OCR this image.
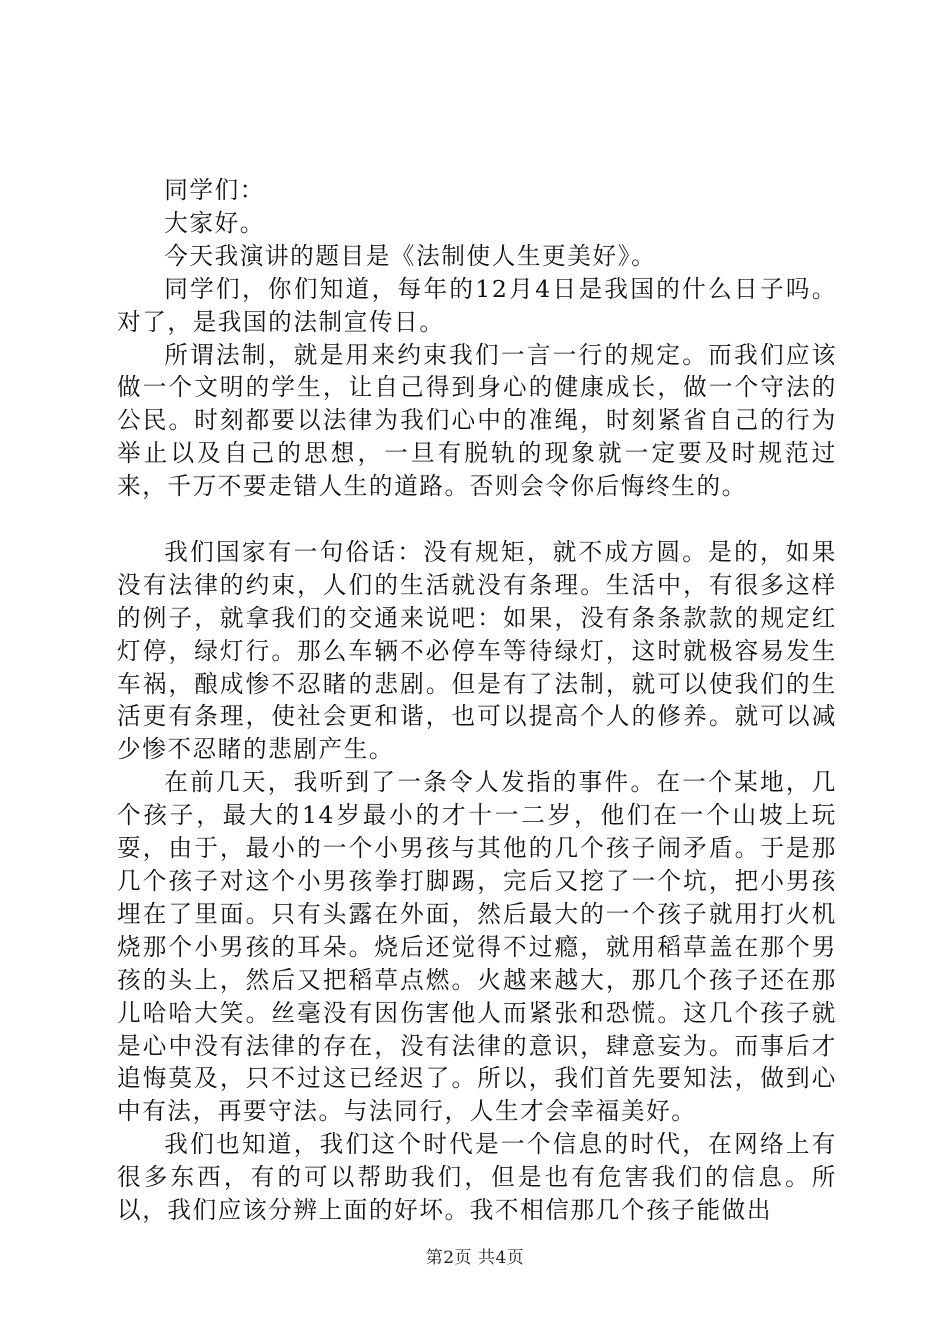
同学们：

大家好。

今天我演讲的题目是《法制使人生更美好》。

同学们，你们知道，每年的12月4日是我国的什么日子吗。对了，是我国的法制宣传日。

所谓法制，就是用来约束我们一言一行的规定。而我们应该做一个文明的学生，让自己得到身心的健康成长，做一个守法的公民。时刻都要以法律为我们心中的准绳，时刻紧省自己的行为举止以及自己的思想，一旦有脱轨的现象就一定要及时规范过来，千万不要走错人生的道路。否则会令你后悔终生的。

我们国家有一句俗话：没有规矩，就不成方圆。是的，如果没有法律的约束，人们的生活就没有条理。生活中，有很多这样的例子，就拿我们的交通来说吧：如果，没有条条款款的规定红灯停，绿灯行。那么车辆不必停车等待绿灯，这时就极容易发生车祸，酿成惨不忍睹的悲剧。但是有了法制，就可以使我们的生活更有条理，使社会更和谐，也可以提高个人的修养。就可以减少惨不忍睹的悲剧产生。

在前几天，我听到了一条令人发指的事件。在一个某地，几个孩子，最大的14岁最小的才十一二岁，他们在一个山坡上玩耍，由于，最小的一个小男孩与其他的几个孩子闹矛盾。于是那几个孩子对这个小男孩拳打脚踢，完后又挖了一个坑，把小男孩埋在了里面。只有头露在外面，然后最大的一个孩子就用打火机烧那个小男孩的耳朵。烧后还觉得不过瘾，就用稻草盖在那个男孩的头上，然后又把稻草点燃。火越来越大，那几个孩子还在那儿哈哈大笑。丝毫没有因伤害他人而紧张和恐慌。这几个孩子就是心中没有法律的存在，没有法律的意识，肆意妄为。而事后才追悔莫及，只不过这已经迟了。所以，我们首先要知法，做到心中有法，再要守法。与法同行，人生才会幸福美好。

我们也知道，我们这个时代是一个信息的时代，在网络上有很多东西，有的可以帮助我们，但是也有危害我们的信息。所以，我们应该分辨上面的好坏。我不相信那几个孩子能做出

第2页 共4页
